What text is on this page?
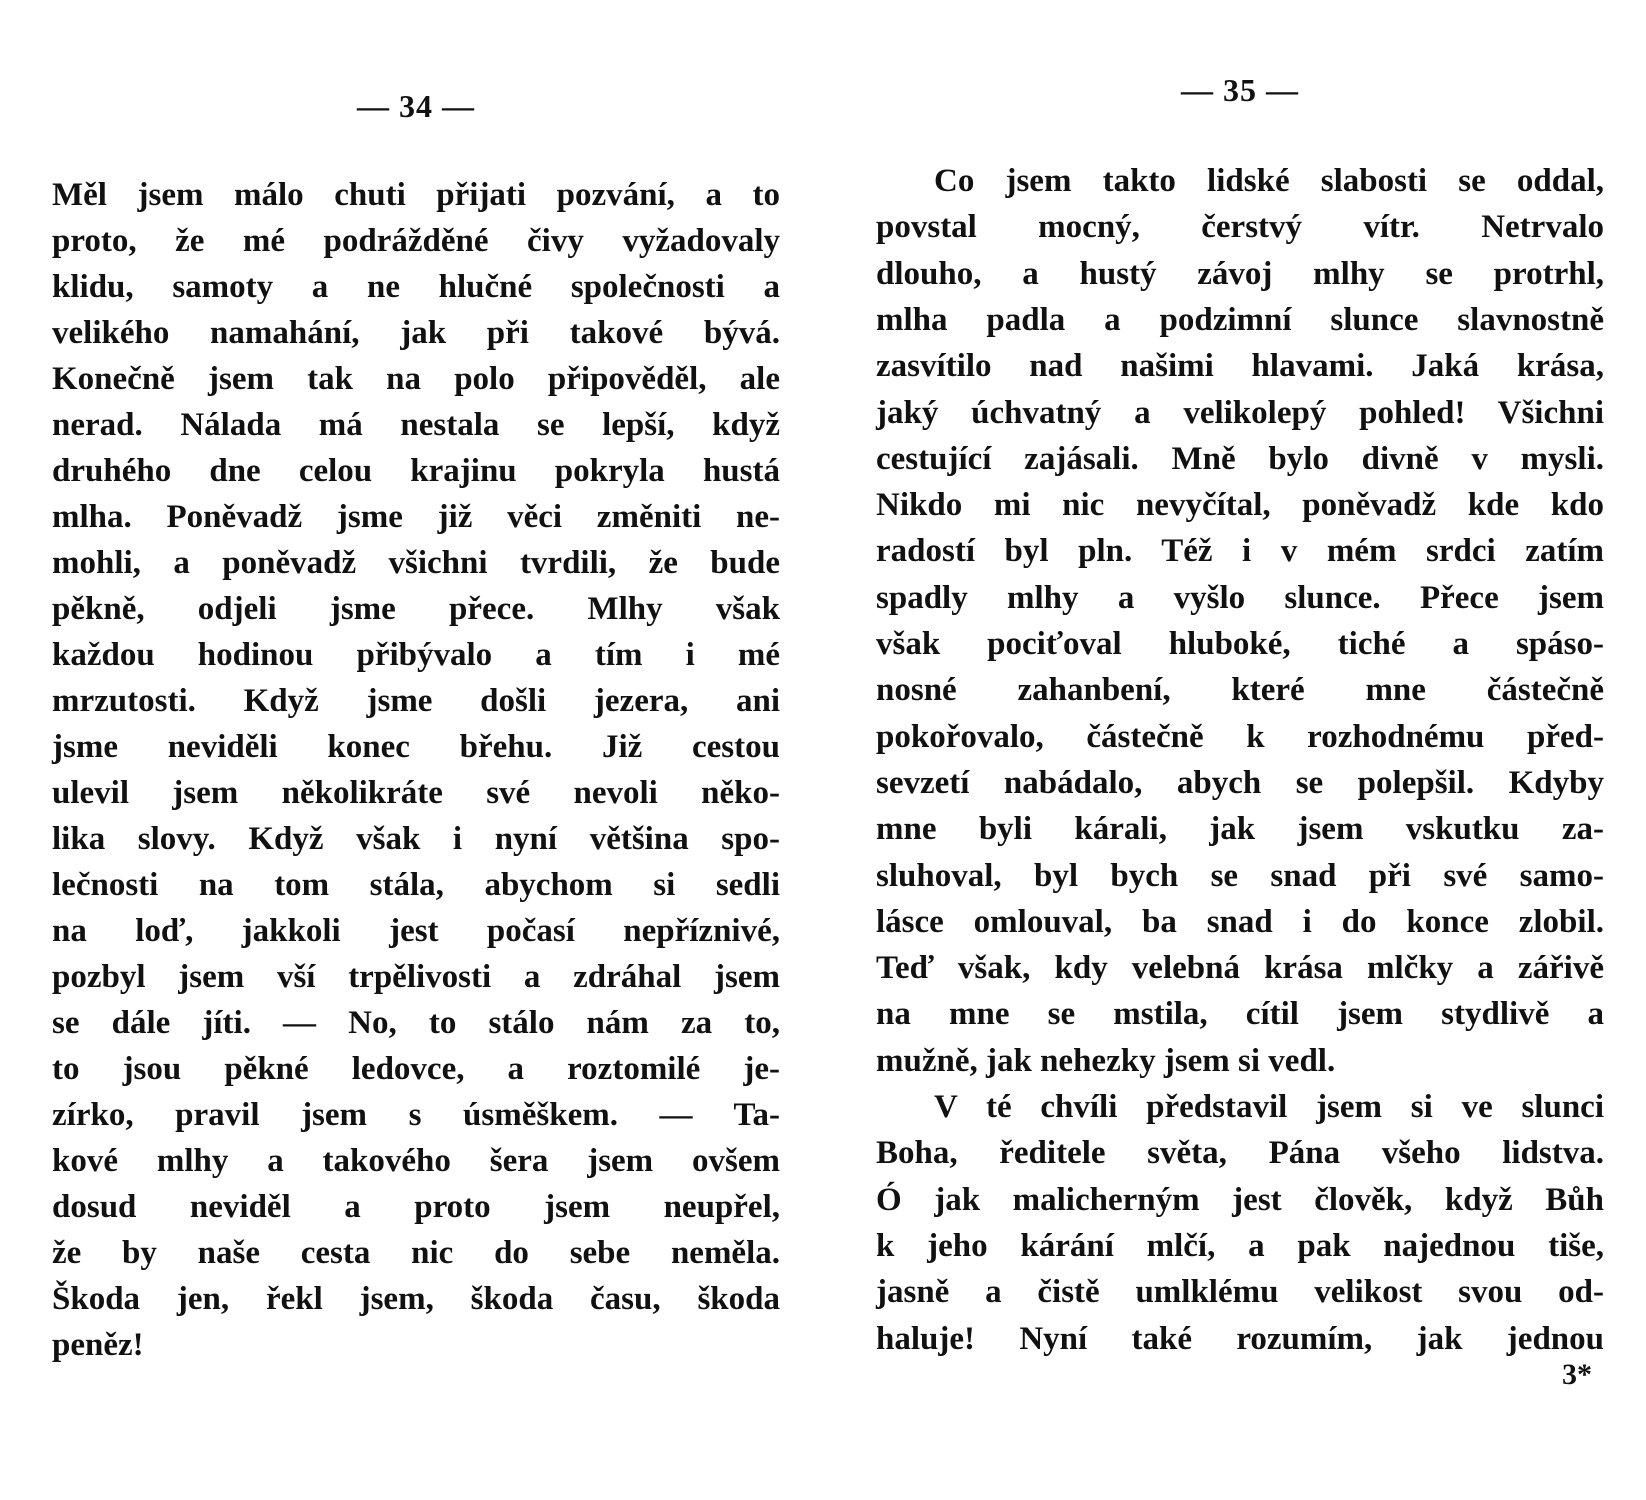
— 34 —
Měl jsem málo chuti přijati pozvání, a to
proto, že mé podrážděné čivy vyžadovaly
klidu, samoty a ne hlučné společnosti a
velikého namahání, jak při takové bývá.
Konečně jsem tak na polo připověděl, ale
nerad. Nálada má nestala se lepší, když
druhého dne celou krajinu pokryla hustá
mlha. Poněvadž jsme již věci změniti ne-
mohli, a poněvadž všichni tvrdili, že bude
pěkně, odjeli jsme přece. Mlhy však
každou hodinou přibývalo a tím i mé
mrzutosti. Když jsme došli jezera, ani
jsme neviděli konec břehu. Již cestou
ulevil jsem několikráte své nevoli něko-
lika slovy. Když však i nyní většina spo-
lečnosti na tom stála, abychom si sedli
na loď, jakkoli jest počasí nepříznivé,
pozbyl jsem vší trpělivosti a zdráhal jsem
se dále jíti. — No, to stálo nám za to,
to jsou pěkné ledovce, a roztomilé je-
zírko, pravil jsem s úsměškem. — Ta-
kové mlhy a takového šera jsem ovšem
dosud neviděl a proto jsem neupřel,
že by naše cesta nic do sebe neměla.
Škoda jen, řekl jsem, škoda času, škoda
peněz!
— 35 —
Co jsem takto lidské slabosti se oddal,
povstal mocný, čerstvý vítr. Netrvalo
dlouho, a hustý závoj mlhy se protrhl,
mlha padla a podzimní slunce slavnostně
zasvítilo nad našimi hlavami. Jaká krása,
jaký úchvatný a velikolepý pohled! Všichni
cestující zajásali. Mně bylo divně v mysli.
Nikdo mi nic nevyčítal, poněvadž kde kdo
radostí byl pln. Též i v mém srdci zatím
spadly mlhy a vyšlo slunce. Přece jsem
však pociťoval hluboké, tiché a spáso-
nosné zahanbení, které mne částečně
pokořovalo, částečně k rozhodnému před-
sevzetí nabádalo, abych se polepšil. Kdyby
mne byli kárali, jak jsem vskutku za-
sluhoval, byl bych se snad při své samo-
lásce omlouval, ba snad i do konce zlobil.
Teď však, kdy velebná krása mlčky a zářivě
na mne se mstila, cítil jsem stydlivě a
mužně, jak nehezky jsem si vedl.
V té chvíli představil jsem si ve slunci
Boha, ředitele světa, Pána všeho lidstva.
Ó jak malicherným jest člověk, když Bůh
k jeho kárání mlčí, a pak najednou tiše,
jasně a čistě umlklému velikost svou od-
haluje! Nyní také rozumím, jak jednou
3*
